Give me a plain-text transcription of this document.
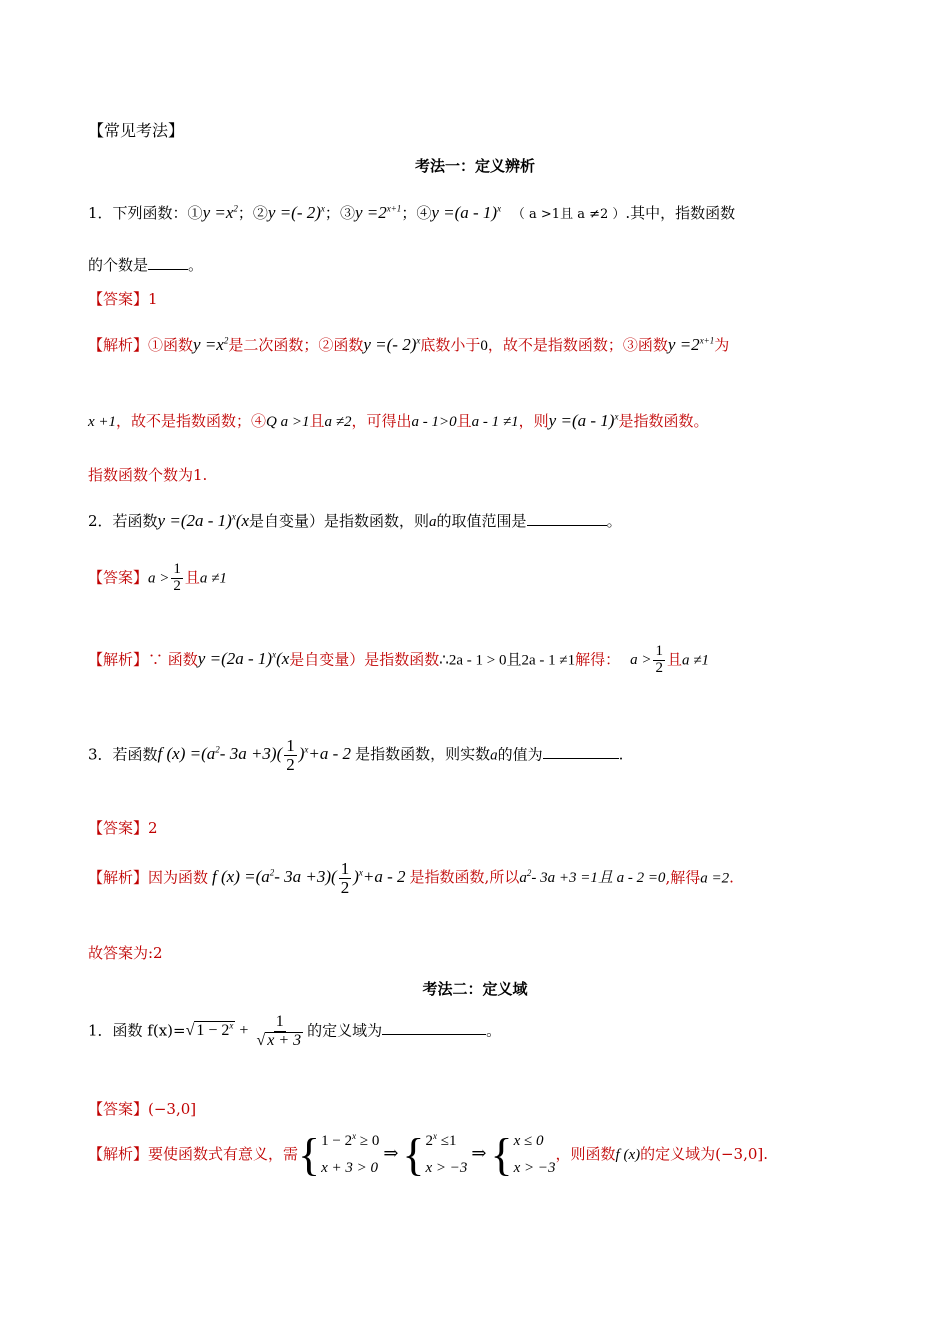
【常见考法】
考法一：定义辨析
1．下列函数：①y $=x^2$；②y =(- 2)$^x$；③y $=2^{x+1}$；④y =(a - 1)$^x$ （ a >1且 a ≠2 ）.其中，指数函数
的个数是	。
【答案】1
【解析】①函数$y =x^2$是二次函数；②函数y =(- 2)$^x$底数小于0，故不是指数函数；③函数$y =2^{x+1}$为
x +1，故不是指数函数；④Q a >1且a ≠2，可得出a - 1>0且a - 1 ≠1，则y =(a - 1)$^x$是指数函数。
指数函数个数为1.
2．若函数y =(2a - 1)$^x$(x是自变量）是指数函数，则a的取值范围是	。
【答案】$a > \frac{1}{2}$ 且a ≠1
【解析】∵ 函数y =(2a - 1)$^x$(x是自变量）是指数函数∴2a - 1 > 0且2a - 1 ≠1解得： $a > \frac{1}{2}$ 且a ≠1
3．若函数f $(x) =(a^2-$ $3a +3)( \frac{1}{2} )^x+a - 2$ 是指数函数，则实数a的值为	.
【答案】2
【解析】因为函数 f $(x) =(a^2-$ $3a +3)( \frac{1}{2} )^x+a - 2$ 是指数函数,所以$a^2-$ 3a +3 =1且 a - 2 =0,解得a =2.
故答案为:2
考法二：定义域
1．函数 f(x)=√ $1 - 2^x + \frac{1}{√ x + 3}$ 的定义域为	。
【答案】(−3,0]
【解析】要使函数式有意义，需 { $1 - 2^x \ge 0$
x + 3 > 0
⇒ { $2^x \le 1$
x > −3
⇒ { x ≤ 0
x > −3
，则函数f (x)的定义域为(−3,0].
